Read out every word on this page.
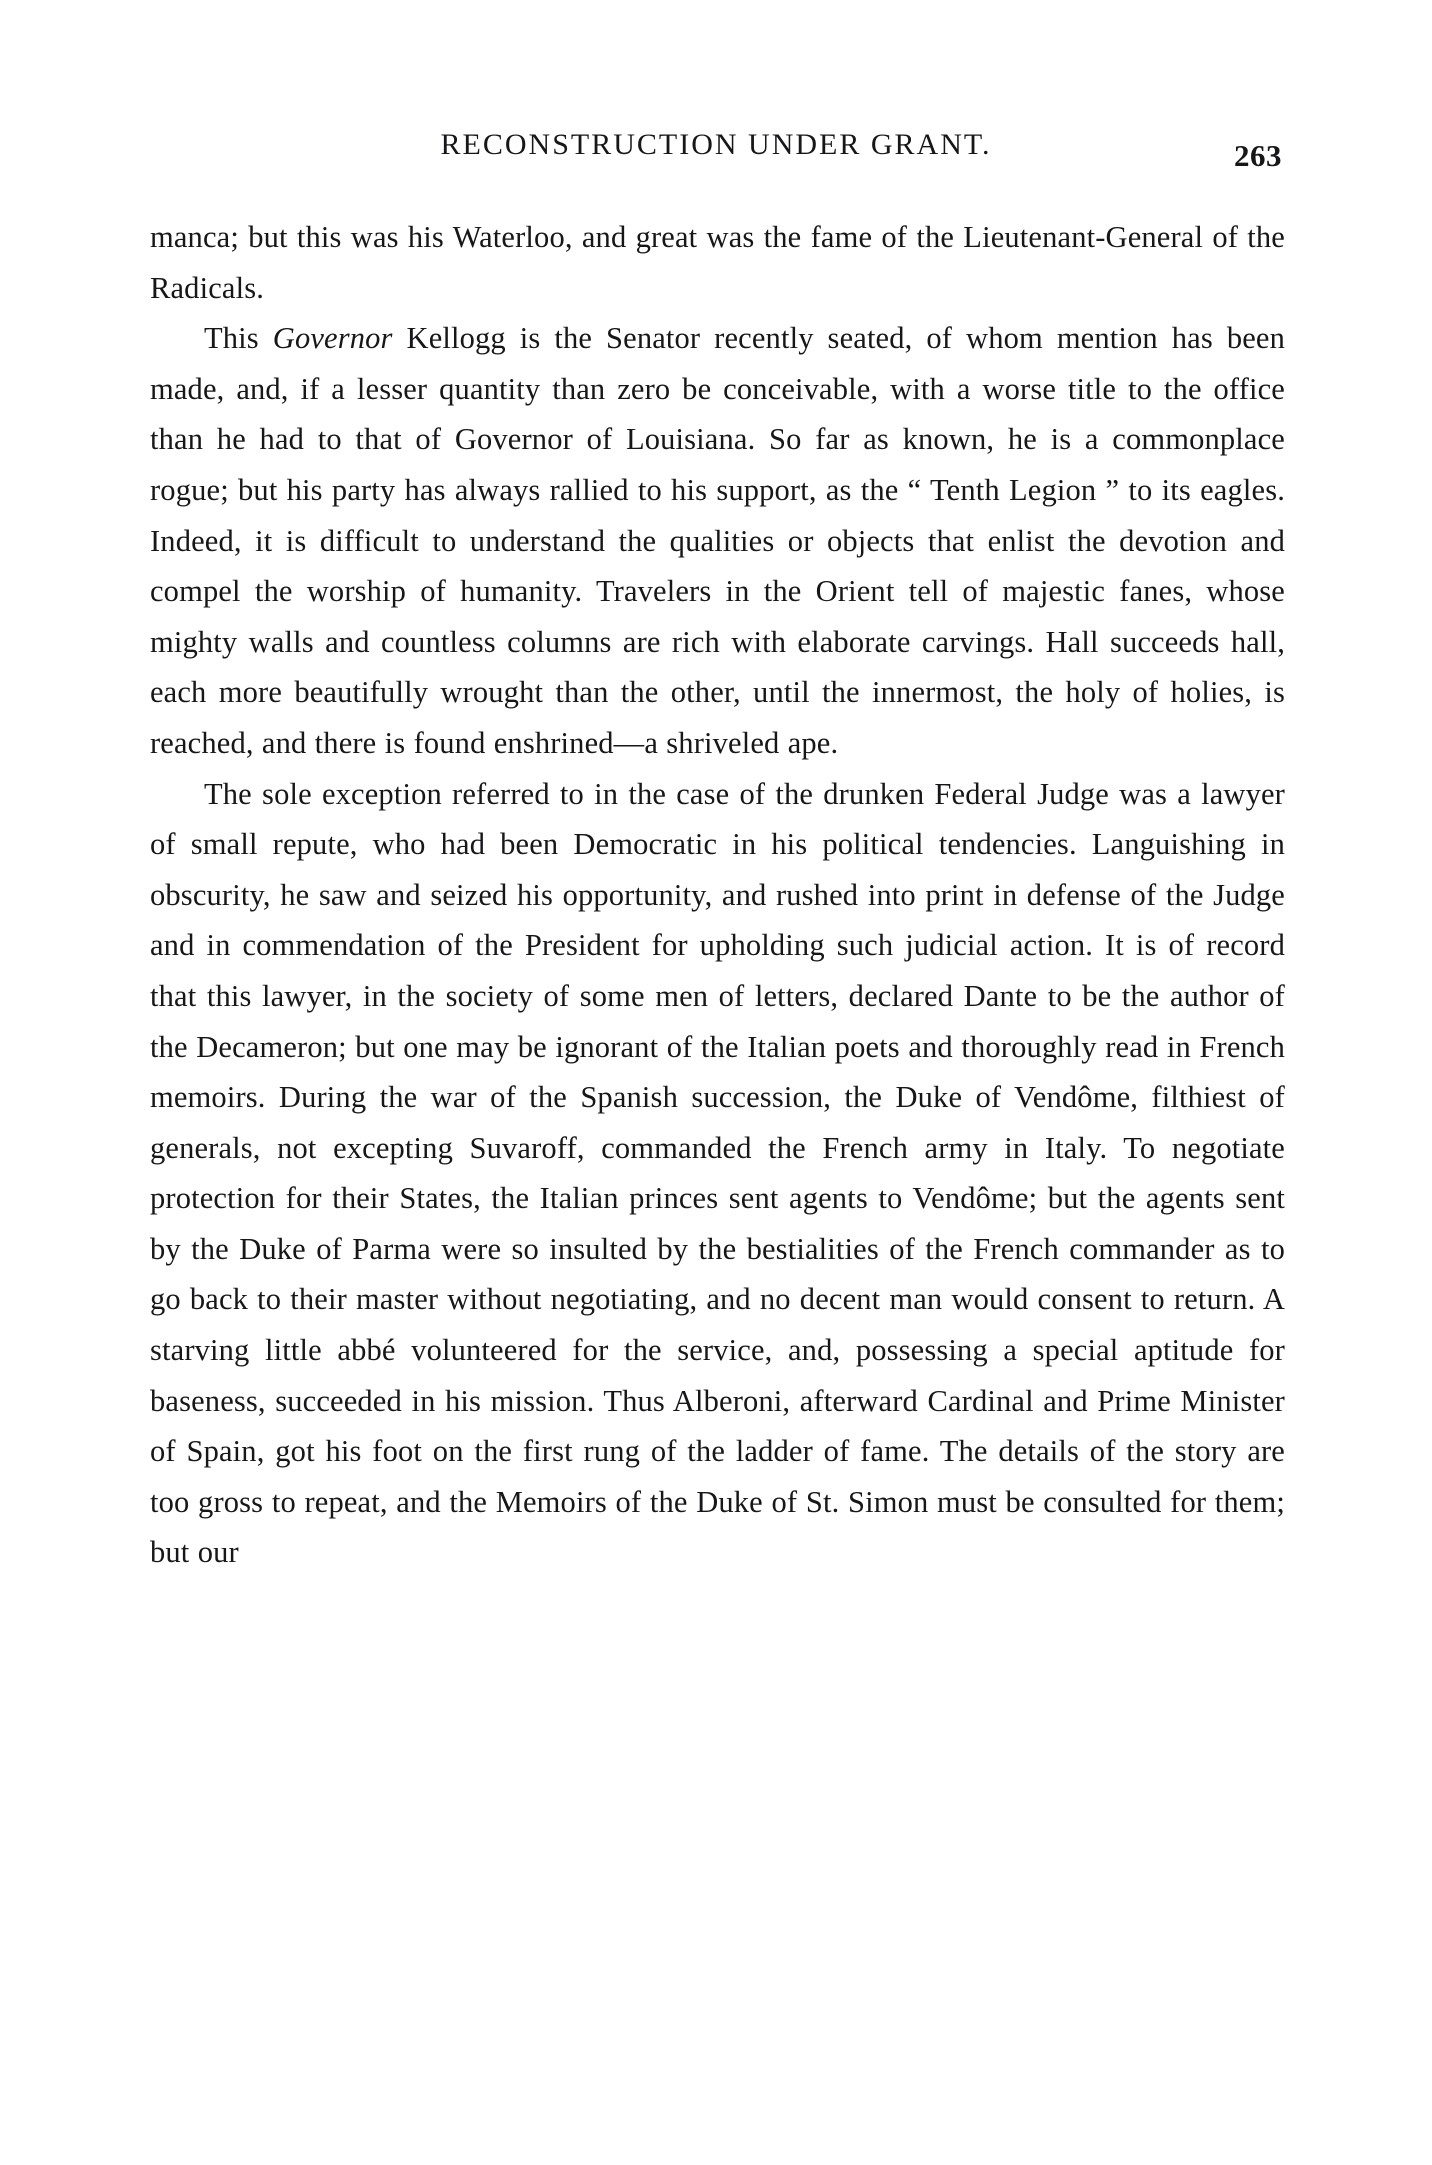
RECONSTRUCTION UNDER GRANT.	263

manca; but this was his Waterloo, and great was the fame of the Lieutenant-General of the Radicals.

This Governor Kellogg is the Senator recently seated, of whom mention has been made, and, if a lesser quantity than zero be conceivable, with a worse title to the office than he had to that of Governor of Louisiana. So far as known, he is a commonplace rogue; but his party has always rallied to his support, as the “ Tenth Legion ” to its eagles. Indeed, it is difficult to understand the qualities or objects that enlist the devotion and compel the worship of humanity. Travelers in the Orient tell of majestic fanes, whose mighty walls and countless columns are rich with elaborate carvings. Hall succeeds hall, each more beautifully wrought than the other, until the innermost, the holy of holies, is reached, and there is found enshrined—a shriveled ape.

The sole exception referred to in the case of the drunken Federal Judge was a lawyer of small repute, who had been Democratic in his political tendencies. Languishing in obscurity, he saw and seized his opportunity, and rushed into print in defense of the Judge and in commendation of the President for upholding such judicial action. It is of record that this lawyer, in the society of some men of letters, declared Dante to be the author of the Decameron; but one may be ignorant of the Italian poets and thoroughly read in French memoirs. During the war of the Spanish succession, the Duke of Vendôme, filthiest of generals, not excepting Suvaroff, commanded the French army in Italy. To negotiate protection for their States, the Italian princes sent agents to Vendôme; but the agents sent by the Duke of Parma were so insulted by the bestialities of the French commander as to go back to their master without negotiating, and no decent man would consent to return. A starving little abbé volunteered for the service, and, possessing a special aptitude for baseness, succeeded in his mission. Thus Alberoni, afterward Cardinal and Prime Minister of Spain, got his foot on the first rung of the ladder of fame. The details of the story are too gross to repeat, and the Memoirs of the Duke of St. Simon must be consulted for them; but our
